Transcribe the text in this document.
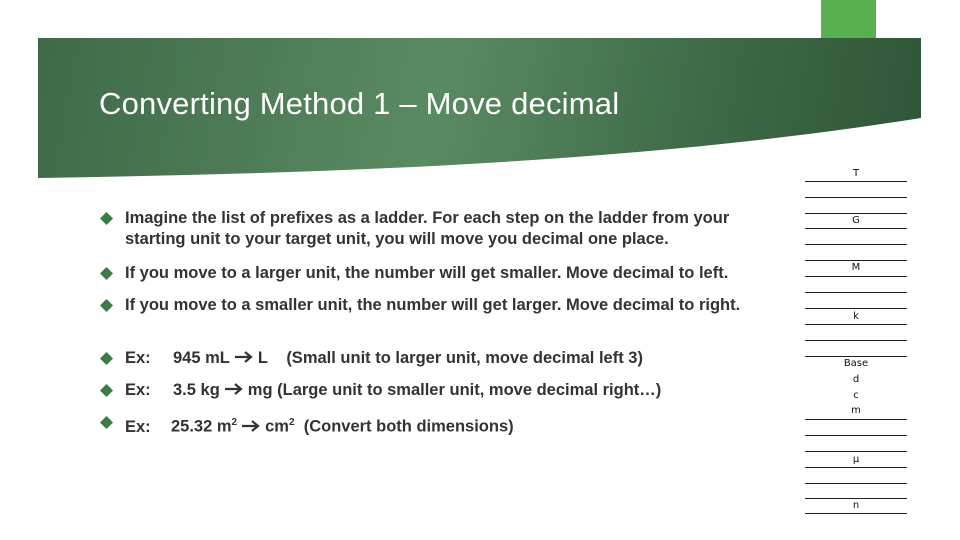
Converting Method 1 – Move decimal
Imagine the list of prefixes as a ladder. For each step on the ladder from your starting unit to your target unit, you will move you decimal one place.
If you move to a larger unit, the number will get smaller. Move decimal to left.
If you move to a smaller unit, the number will get larger. Move decimal to right.
Ex: 945 mL L (Small unit to larger unit, move decimal left 3)
Ex: 3.5 kg mg (Large unit to smaller unit, move decimal right…)
Ex: 25.32 $m^2$ $cm^2$ (Convert both dimensions)
T
G
M
k
Base
d
c
m
μ
n
